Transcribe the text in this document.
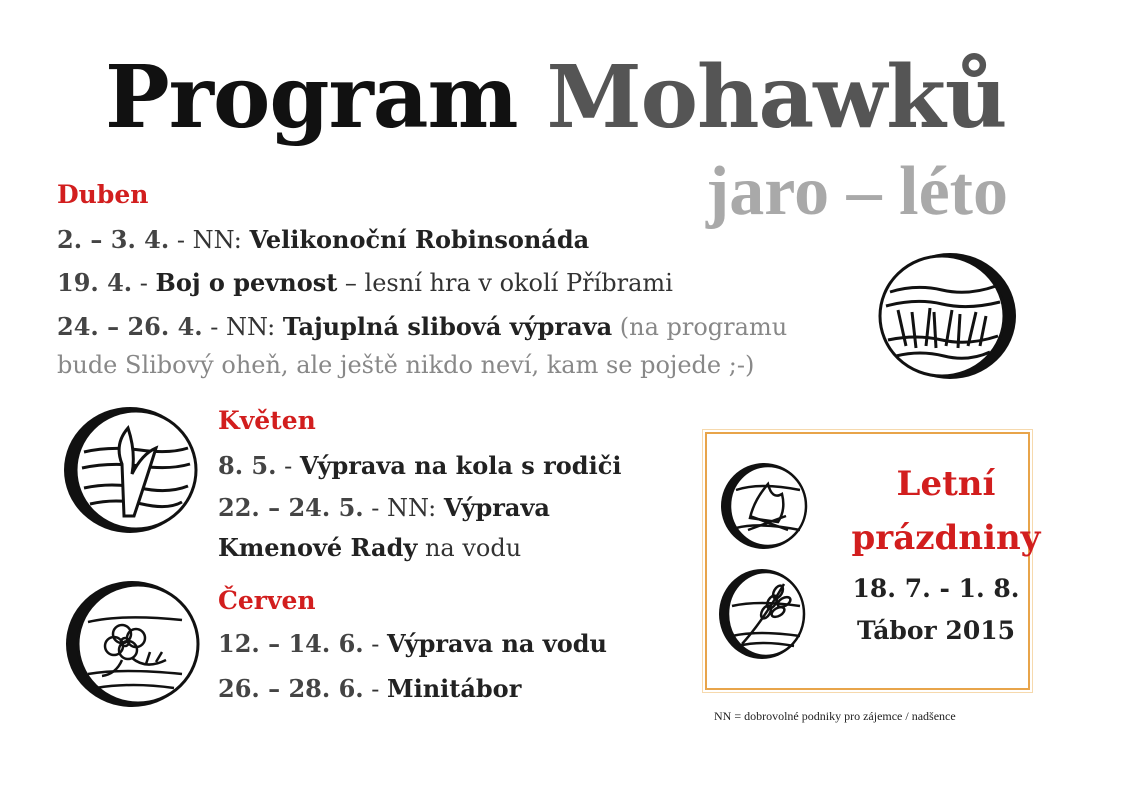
Program Mohawků
jaro – léto
Duben
2. – 3. 4. - NN: Velikonoční Robinsonáda
19. 4. - Boj o pevnost – lesní hra v okolí Příbrami
24. – 26. 4. - NN: Tajuplná slibová výprava (na programu
bude Slibový oheň, ale ještě nikdo neví, kam se pojede ;-)
Květen
8. 5. - Výprava na kola s rodiči
22. – 24. 5. - NN: Výprava
Kmenové Rady na vodu
Červen
12. – 14. 6. - Výprava na vodu
26. – 28. 6. - Minitábor
Letní
prázdniny
18. 7. - 1. 8.
Tábor 2015
NN = dobrovolné podniky pro zájemce / nadšence
